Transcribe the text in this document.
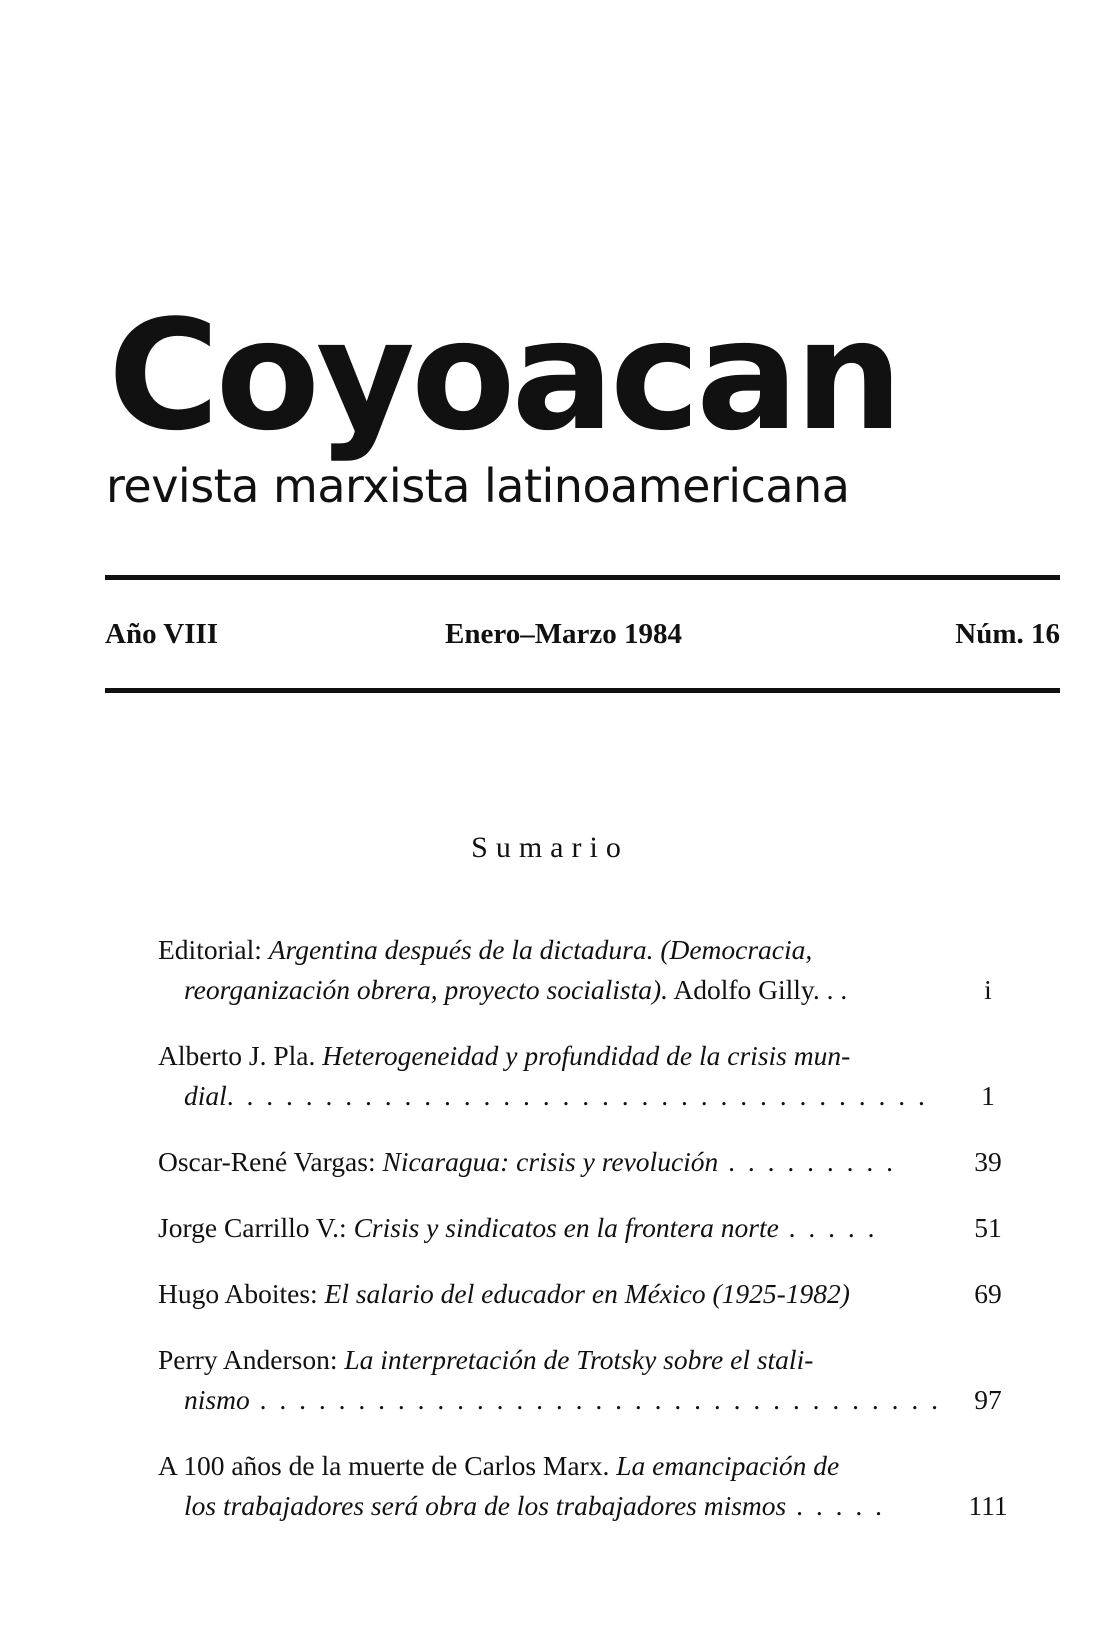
Coyoacan
revista marxista latinoamericana
Año VIII	Enero–Marzo 1984	Núm. 16
Sumario
Editorial: Argentina después de la dictadura. (Democracia,
reorganización obrera, proyecto socialista). Adolfo Gilly. . .	i
Alberto J. Pla. Heterogeneidad y profundidad de la crisis mun-
dial. . . . . . . . . . . . . . . . . . . . . . . . . . . . . . . . . . . .	1
Oscar-René Vargas: Nicaragua: crisis y revolución . . . . . . . . .	39
Jorge Carrillo V.: Crisis y sindicatos en la frontera norte . . . . .	51
Hugo Aboites: El salario del educador en México (1925-1982)	69
Perry Anderson: La interpretación de Trotsky sobre el stali-
nismo . . . . . . . . . . . . . . . . . . . . . . . . . . . . . . . . . . .	97
A 100 años de la muerte de Carlos Marx. La emancipación de
los trabajadores será obra de los trabajadores mismos . . . . .	111
